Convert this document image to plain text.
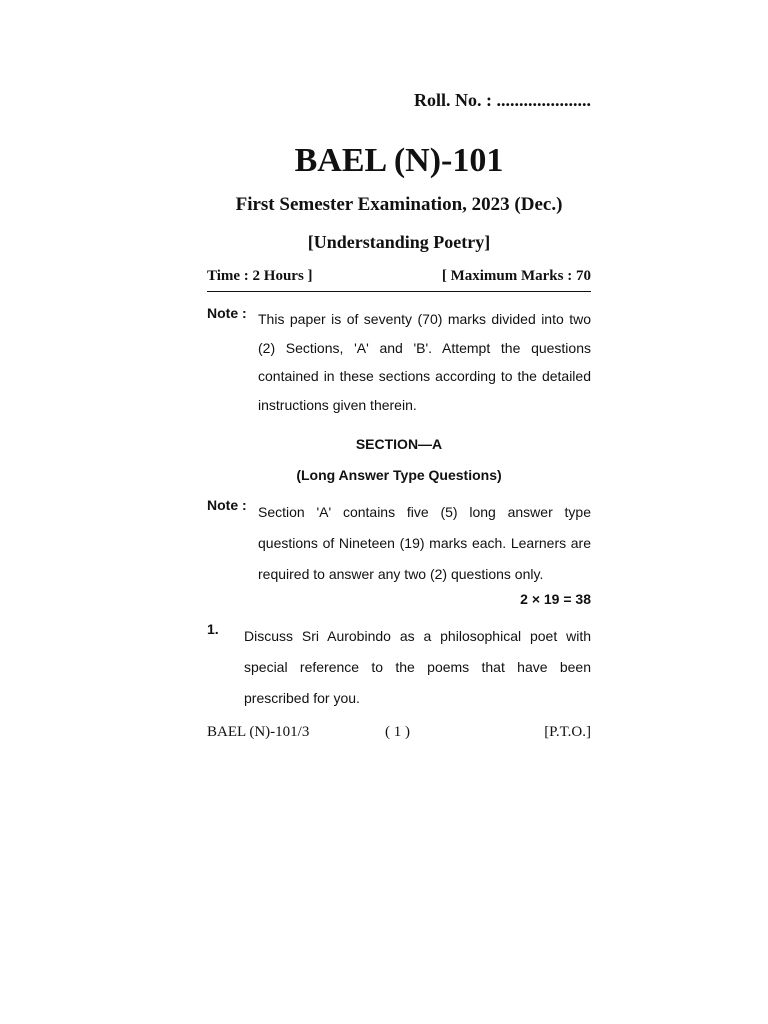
Roll. No. : .....................
BAEL (N)-101
First Semester Examination, 2023 (Dec.)
[Understanding Poetry]
Time : 2 Hours ]	[ Maximum Marks : 70
Note : This paper is of seventy (70) marks divided into two (2) Sections, 'A' and 'B'. Attempt the questions contained in these sections according to the detailed instructions given therein.
SECTION—A
(Long Answer Type Questions)
Note : Section 'A' contains five (5) long answer type questions of Nineteen (19) marks each. Learners are required to answer any two (2) questions only.
2 × 19 = 38
1. Discuss Sri Aurobindo as a philosophical poet with special reference to the poems that have been prescribed for you.
BAEL (N)-101/3	( 1 )	[P.T.O.]
